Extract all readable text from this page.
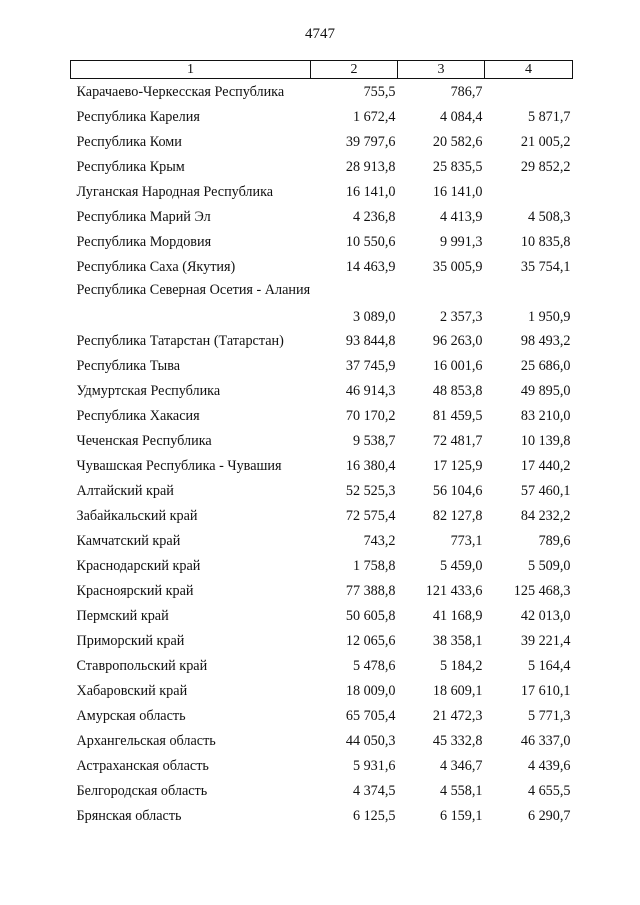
4747
1	2	3	4
Карачаево-Черкесская Республика	755,5	786,7	
Республика Карелия	1 672,4	4 084,4	5 871,7
Республика Коми	39 797,6	20 582,6	21 005,2
Республика Крым	28 913,8	25 835,5	29 852,2
Луганская Народная Республика	16 141,0	16 141,0	
Республика Марий Эл	4 236,8	4 413,9	4 508,3
Республика Мордовия	10 550,6	9 991,3	10 835,8
Республика Саха (Якутия)	14 463,9	35 005,9	35 754,1
Республика Северная Осетия - Алания	3 089,0	2 357,3	1 950,9
Республика Татарстан (Татарстан)	93 844,8	96 263,0	98 493,2
Республика Тыва	37 745,9	16 001,6	25 686,0
Удмуртская Республика	46 914,3	48 853,8	49 895,0
Республика Хакасия	70 170,2	81 459,5	83 210,0
Чеченская Республика	9 538,7	72 481,7	10 139,8
Чувашская Республика - Чувашия	16 380,4	17 125,9	17 440,2
Алтайский край	52 525,3	56 104,6	57 460,1
Забайкальский край	72 575,4	82 127,8	84 232,2
Камчатский край	743,2	773,1	789,6
Краснодарский край	1 758,8	5 459,0	5 509,0
Красноярский край	77 388,8	121 433,6	125 468,3
Пермский край	50 605,8	41 168,9	42 013,0
Приморский край	12 065,6	38 358,1	39 221,4
Ставропольский край	5 478,6	5 184,2	5 164,4
Хабаровский край	18 009,0	18 609,1	17 610,1
Амурская область	65 705,4	21 472,3	5 771,3
Архангельская область	44 050,3	45 332,8	46 337,0
Астраханская область	5 931,6	4 346,7	4 439,6
Белгородская область	4 374,5	4 558,1	4 655,5
Брянская область	6 125,5	6 159,1	6 290,7
